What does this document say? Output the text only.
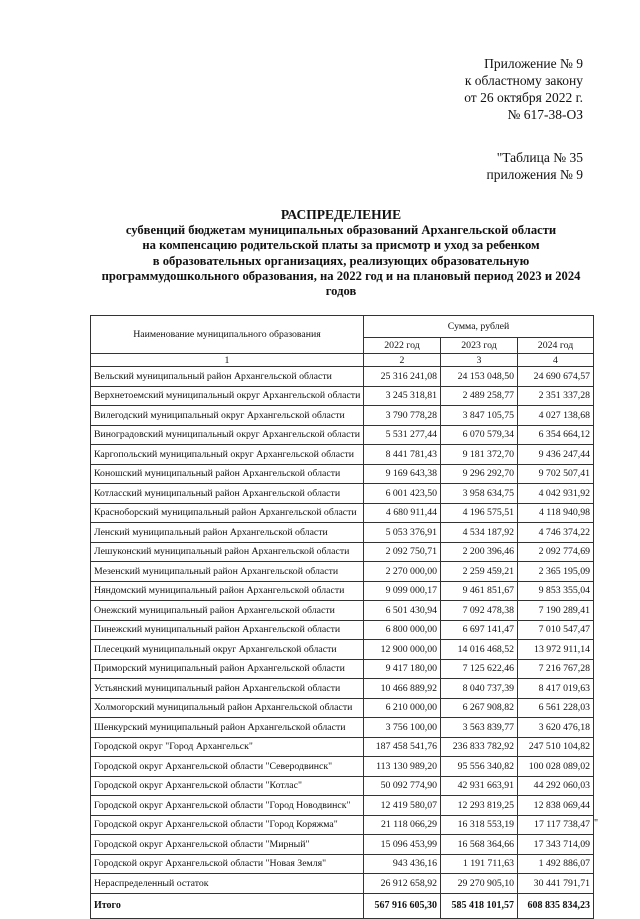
Приложение № 9
к областному закону
от 26 октября 2022 г.
№ 617-38-ОЗ
"Таблица № 35
приложения № 9
РАСПРЕДЕЛЕНИЕ
субвенций бюджетам муниципальных образований Архангельской области
на компенсацию родительской платы за присмотр и уход за ребенком
в образовательных организациях, реализующих образовательную
программудошкольного образования, на 2022 год и на плановый период 2023 и 2024
годов
Наименование муниципального образования	Сумма, рублей		
	2022 год	2023 год	2024 год
1	2	3	4
Вельский муниципальный район Архангельской области	25 316 241,08	24 153 048,50	24 690 674,57
Верхнетоемский муниципальный округ Архангельской области	3 245 318,81	2 489 258,77	2 351 337,28
Вилегодский муниципальный округ Архангельской области	3 790 778,28	3 847 105,75	4 027 138,68
Виноградовский муниципальный округ Архангельской области	5 531 277,44	6 070 579,34	6 354 664,12
Каргопольский муниципальный округ Архангельской области	8 441 781,43	9 181 372,70	9 436 247,44
Коношский муниципальный район Архангельской области	9 169 643,38	9 296 292,70	9 702 507,41
Котласский муниципальный район Архангельской области	6 001 423,50	3 958 634,75	4 042 931,92
Красноборский муниципальный район Архангельской области	4 680 911,44	4 196 575,51	4 118 940,98
Ленский муниципальный район Архангельской области	5 053 376,91	4 534 187,92	4 746 374,22
Лешуконский муниципальный район Архангельской области	2 092 750,71	2 200 396,46	2 092 774,69
Мезенский муниципальный район Архангельской области	2 270 000,00	2 259 459,21	2 365 195,09
Няндомский муниципальный район Архангельской области	9 099 000,17	9 461 851,67	9 853 355,04
Онежский муниципальный район Архангельской области	6 501 430,94	7 092 478,38	7 190 289,41
Пинежский муниципальный район Архангельской области	6 800 000,00	6 697 141,47	7 010 547,47
Плесецкий муниципальный округ Архангельской области	12 900 000,00	14 016 468,52	13 972 911,14
Приморский муниципальный район Архангельской области	9 417 180,00	7 125 622,46	7 216 767,28
Устьянский муниципальный район Архангельской области	10 466 889,92	8 040 737,39	8 417 019,63
Холмогорский муниципальный район Архангельской области	6 210 000,00	6 267 908,82	6 561 228,03
Шенкурский муниципальный район Архангельской области	3 756 100,00	3 563 839,77	3 620 476,18
Городской округ "Город Архангельск"	187 458 541,76	236 833 782,92	247 510 104,82
Городской округ Архангельской области "Северодвинск"	113 130 989,20	95 556 340,82	100 028 089,02
Городской округ Архангельской области "Котлас"	50 092 774,90	42 931 663,91	44 292 060,03
Городской округ Архангельской области "Город Новодвинск"	12 419 580,07	12 293 819,25	12 838 069,44
Городской округ Архангельской области "Город Коряжма"	21 118 066,29	16 318 553,19	17 117 738,47
Городской округ Архангельской области "Мирный"	15 096 453,99	16 568 364,66	17 343 714,09
Городской округ Архангельской области "Новая Земля"	943 436,16	1 191 711,63	1 492 886,07
Нераспределенный остаток	26 912 658,92	29 270 905,10	30 441 791,71
Итого	567 916 605,30	585 418 101,57	608 835 834,23
"
